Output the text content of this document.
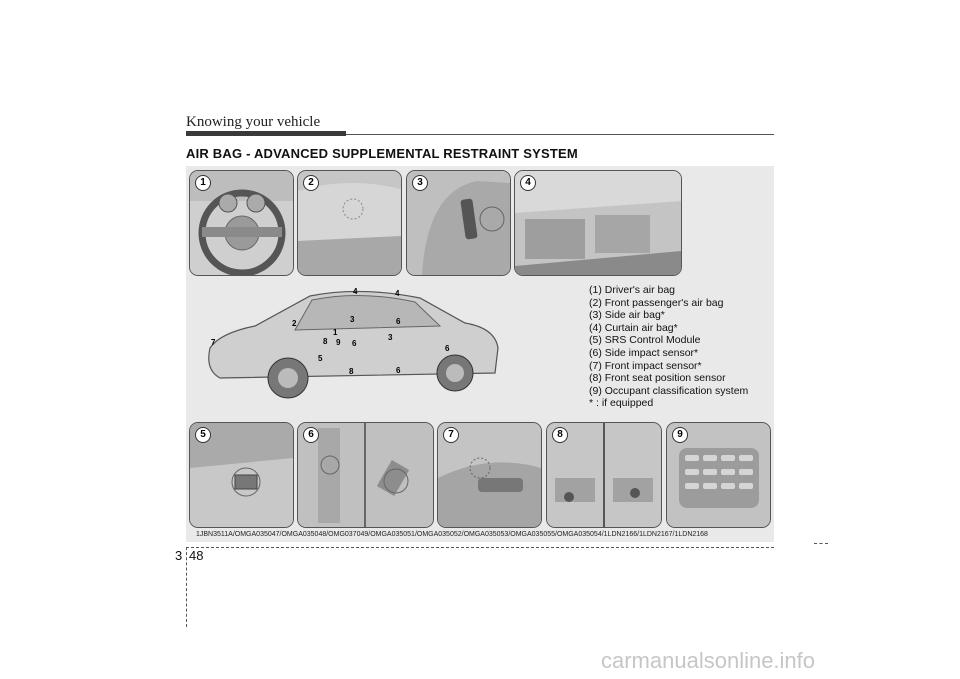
Knowing your vehicle
AIR BAG - ADVANCED SUPPLEMENTAL RESTRAINT SYSTEM
1	2	3	4
1
2	3
3
4	4
5
6
6
6
6
7	8
8
9
(1) Driver's air bag
(2) Front passenger's air bag
(3) Side air bag*
(4) Curtain air bag*
(5) SRS Control Module
(6) Side impact sensor*
(7) Front impact sensor*
(8) Front seat position sensor
(9) Occupant classification system
* : if equipped
5	6	7	8	9
1JBN3511A/OMGA035047/OMGA035048/OMG037049/OMGA035051/OMGA035052/OMGA035053/OMGA035055/OMGA035054/1LDN2166/1LDN2167/1LDN2168
3 48
carmanualsonline.info
